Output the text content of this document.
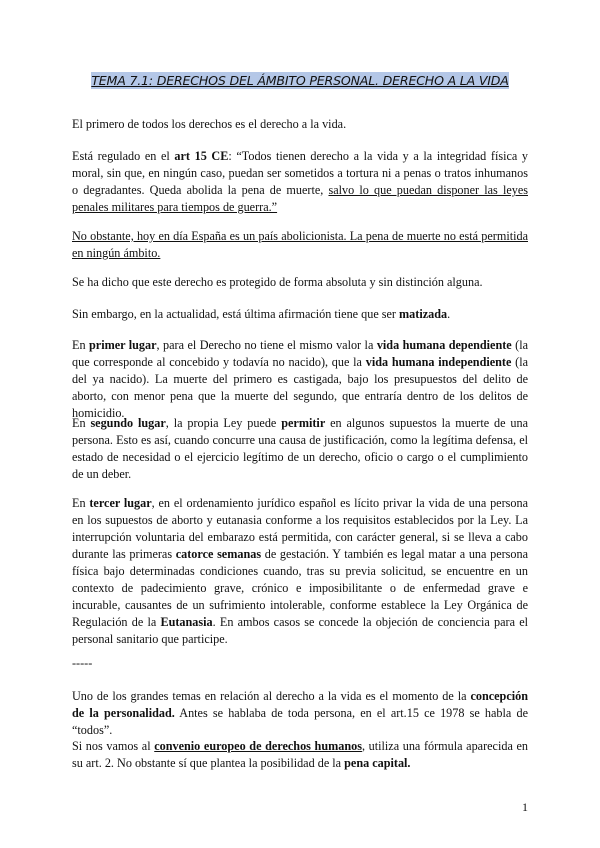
TEMA 7.1: DERECHOS DEL ÁMBITO PERSONAL. DERECHO A LA VIDA

El primero de todos los derechos es el derecho a la vida.

Está regulado en el art 15 CE: “Todos tienen derecho a la vida y a la integridad física y moral, sin que, en ningún caso, puedan ser sometidos a tortura ni a penas o tratos inhumanos o degradantes. Queda abolida la pena de muerte, salvo lo que puedan disponer las leyes penales militares para tiempos de guerra.”

No obstante, hoy en día España es un país abolicionista. La pena de muerte no está permitida en ningún ámbito.

Se ha dicho que este derecho es protegido de forma absoluta y sin distinción alguna.

Sin embargo, en la actualidad, está última afirmación tiene que ser matizada.

En primer lugar, para el Derecho no tiene el mismo valor la vida humana dependiente (la que corresponde al concebido y todavía no nacido), que la vida humana independiente (la del ya nacido). La muerte del primero es castigada, bajo los presupuestos del delito de aborto, con menor pena que la muerte del segundo, que entraría dentro de los delitos de homicidio.

En segundo lugar, la propia Ley puede permitir en algunos supuestos la muerte de una persona. Esto es así, cuando concurre una causa de justificación, como la legítima defensa, el estado de necesidad o el ejercicio legítimo de un derecho, oficio o cargo o el cumplimiento de un deber.

En tercer lugar, en el ordenamiento jurídico español es lícito privar la vida de una persona en los supuestos de aborto y eutanasia conforme a los requisitos establecidos por la Ley. La interrupción voluntaria del embarazo está permitida, con carácter general, si se lleva a cabo durante las primeras catorce semanas de gestación. Y también es legal matar a una persona física bajo determinadas condiciones cuando, tras su previa solicitud, se encuentre en un contexto de padecimiento grave, crónico e imposibilitante o de enfermedad grave e incurable, causantes de un sufrimiento intolerable, conforme establece la Ley Orgánica de Regulación de la Eutanasia. En ambos casos se concede la objeción de conciencia para el personal sanitario que participe.

-----

Uno de los grandes temas en relación al derecho a la vida es el momento de la concepción de la personalidad. Antes se hablaba de toda persona, en el art.15 ce 1978 se habla de “todos”.

Si nos vamos al convenio europeo de derechos humanos, utiliza una fórmula aparecida en su art. 2. No obstante sí que plantea la posibilidad de la pena capital.

1
